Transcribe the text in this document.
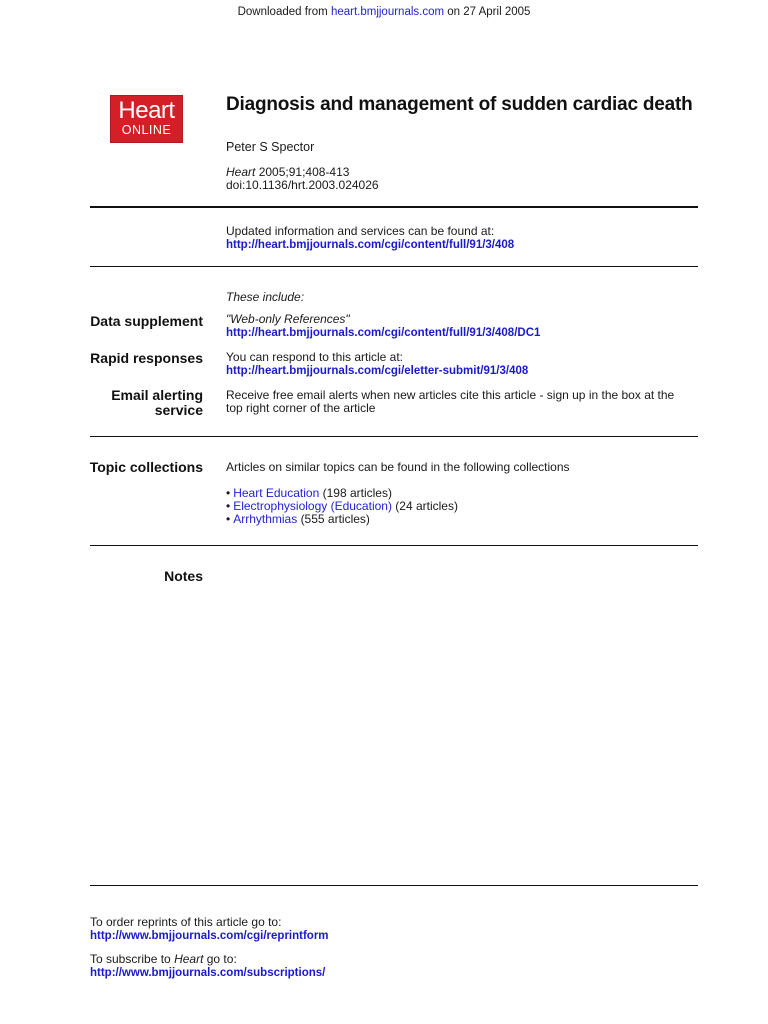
Downloaded from heart.bmjjournals.com on 27 April 2005
Heart
ONLINE
Diagnosis and management of sudden cardiac death
Peter S Spector
Heart 2005;91;408-413
doi:10.1136/hrt.2003.024026
Updated information and services can be found at:
http://heart.bmjjournals.com/cgi/content/full/91/3/408
These include:
Data supplement "Web-only References"
http://heart.bmjjournals.com/cgi/content/full/91/3/408/DC1
Rapid responses You can respond to this article at:
http://heart.bmjjournals.com/cgi/eletter-submit/91/3/408
Email alerting
service
Receive free email alerts when new articles cite this article - sign up in the box at the
top right corner of the article
Topic collections Articles on similar topics can be found in the following collections
• Heart Education (198 articles)
• Electrophysiology (Education) (24 articles)
• Arrhythmias (555 articles)
Notes
To order reprints of this article go to:
http://www.bmjjournals.com/cgi/reprintform
To subscribe to Heart go to:
http://www.bmjjournals.com/subscriptions/
